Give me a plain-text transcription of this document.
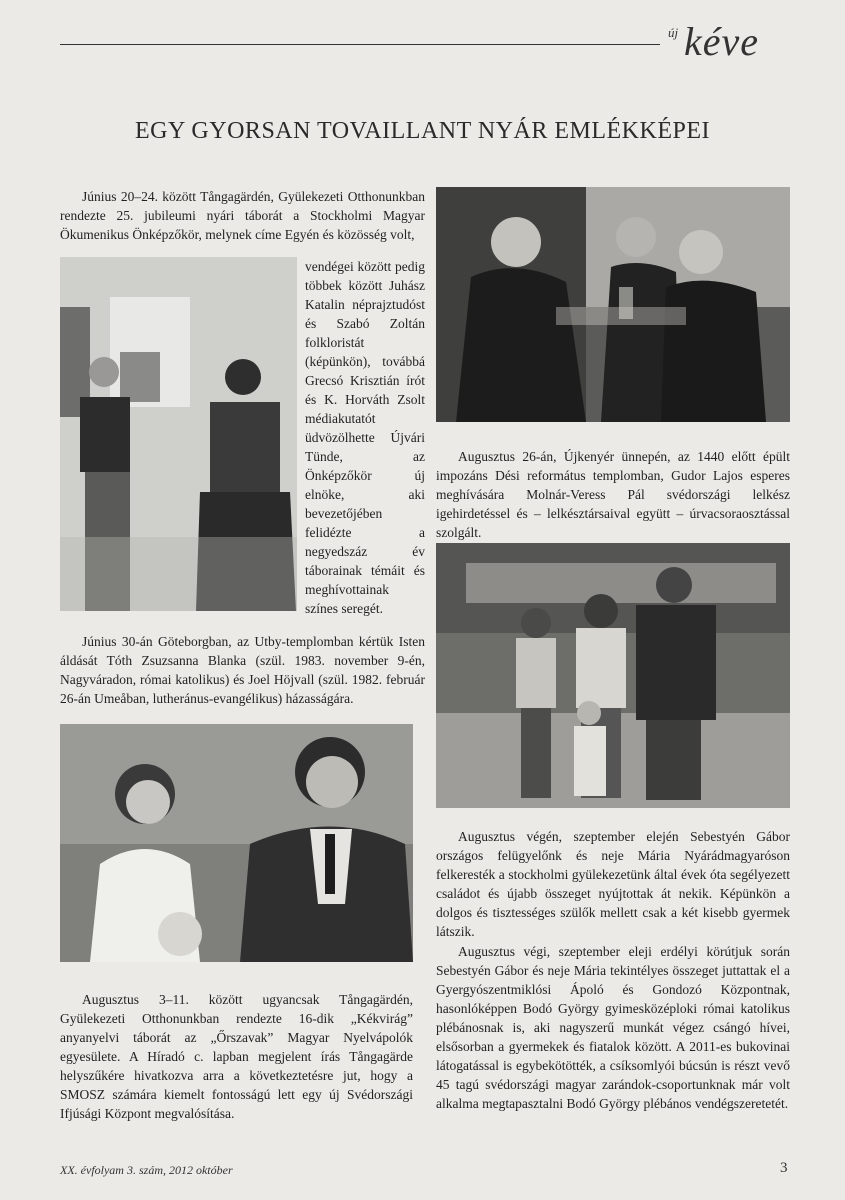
új kéve
EGY GYORSAN TOVAILLANT NYÁR EMLÉKKÉPEI
Június 20–24. között Tångagärdén, Gyülekezeti Otthonunkban rendezte 25. jubileumi nyári táborát a Stockholmi Magyar Ökumenikus Önképzőkör, melynek címe Egyén és közösség volt,
vendégei között pedig többek között Juhász Katalin néprajztudóst és Szabó Zoltán folkloristát (képünkön), továbbá Grecsó Krisztián írót és K. Horváth Zsolt médiakutatót üdvözölhette Újvári Tünde, az Önképzőkör új elnöke, aki bevezetőjében felidézte a negyedszáz év táborainak témáit és meghívottainak színes seregét.
Június 30-án Göteborgban, az Utby-templomban kértük Isten áldását Tóth Zsuzsanna Blanka (szül. 1983. november 9-én, Nagyváradon, római katolikus) és Joel Höjvall (szül. 1982. február 26-án Umeåban, lutheránus-evangélikus) házasságára.
Augusztus 3–11. között ugyancsak Tångagärdén, Gyülekezeti Otthonunkban rendezte 16-dik „Kékvirág” anyanyelvi táborát az „Őrszavak” Magyar Nyelvápolók egyesülete. A Híradó c. lapban megjelent írás Tångagärde helyszűkére hivatkozva arra a következtetésre jut, hogy a SMOSZ számára kiemelt fontosságú lett egy új Svédországi Ifjúsági Központ megvalósítása.
Augusztus 26-án, Újkenyér ünnepén, az 1440 előtt épült impozáns Dési református templomban, Gudor Lajos esperes meghívására Molnár-Veress Pál svédországi lelkész igehirdetéssel és – lelkésztársaival együtt – úrvacsoraosztással szolgált.
Augusztus végén, szeptember elején Sebestyén Gábor országos felügyelőnk és neje Mária Nyárádmagyaróson felkeresték a stockholmi gyülekezetünk által évek óta segélyezett családot és újabb összeget nyújtottak át nekik. Képünkön a dolgos és tisztességes szülők mellett csak a két kisebb gyermek látszik.
Augusztus végi, szeptember eleji erdélyi körútjuk során Sebestyén Gábor és neje Mária tekintélyes összeget juttattak el a Gyergyószentmiklósi Ápoló és Gondozó Központnak, hasonlóképpen Bodó György gyimesközéploki római katolikus plébánosnak is, aki nagyszerű munkát végez csángó hívei, elsősorban a gyermekek és fiatalok között. A 2011-es bukovinai látogatással is egybekötötték, a csíksomlyói búcsún is részt vevő 45 tagú svédországi magyar zarándok-csoportunknak már volt alkalma megtapasztalni Bodó György plébános vendégszeretetét.
XX. évfolyam 3. szám, 2012 október	3
